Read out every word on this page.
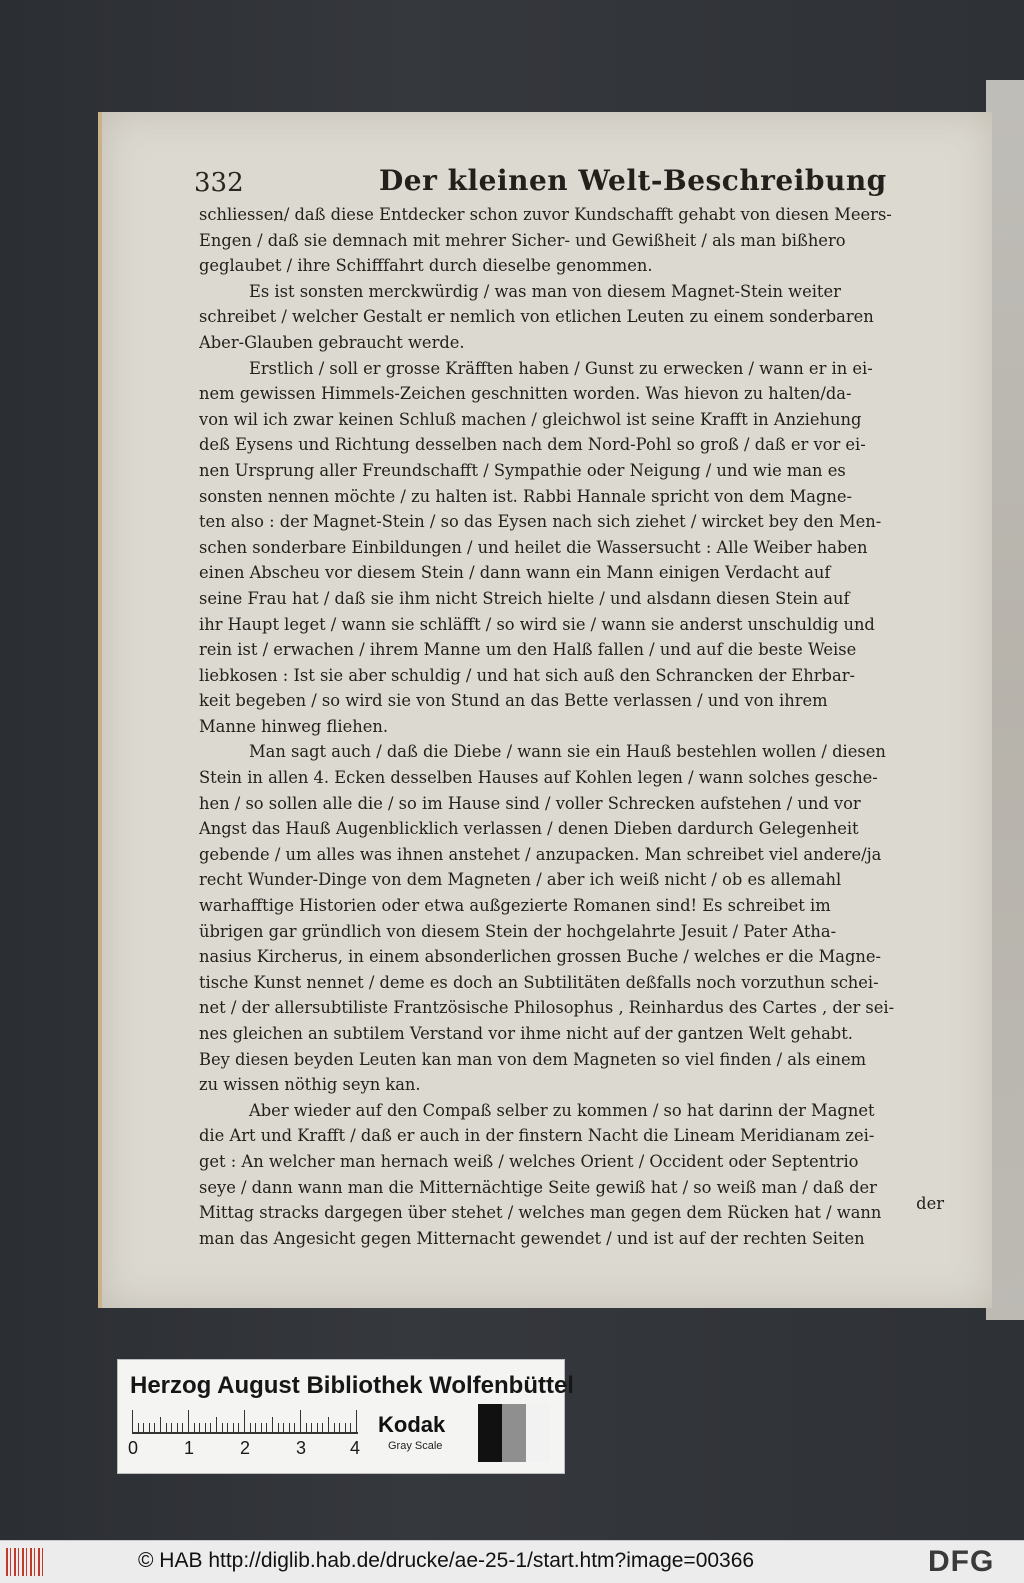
332	Der kleinen Welt-Beschreibung
schliessen/ daß diese Entdecker schon zuvor Kundschafft gehabt von diesen Meers-
Engen / daß sie demnach mit mehrer Sicher- und Gewißheit / als man bißhero
geglaubet / ihre Schifffahrt durch dieselbe genommen.
Es ist sonsten merckwürdig / was man von diesem Magnet-Stein weiter
schreibet / welcher Gestalt er nemlich von etlichen Leuten zu einem sonderbaren
Aber-Glauben gebraucht werde.
Erstlich / soll er grosse Kräfften haben / Gunst zu erwecken / wann er in ei-
nem gewissen Himmels-Zeichen geschnitten worden. Was hievon zu halten/da-
von wil ich zwar keinen Schluß machen / gleichwol ist seine Krafft in Anziehung
deß Eysens und Richtung desselben nach dem Nord-Pohl so groß / daß er vor ei-
nen Ursprung aller Freundschafft / Sympathie oder Neigung / und wie man es
sonsten nennen möchte / zu halten ist. Rabbi Hannale spricht von dem Magne-
ten also : der Magnet-Stein / so das Eysen nach sich ziehet / wircket bey den Men-
schen sonderbare Einbildungen / und heilet die Wassersucht : Alle Weiber haben
einen Abscheu vor diesem Stein / dann wann ein Mann einigen Verdacht auf
seine Frau hat / daß sie ihm nicht Streich hielte / und alsdann diesen Stein auf
ihr Haupt leget / wann sie schläfft / so wird sie / wann sie anderst unschuldig und
rein ist / erwachen / ihrem Manne um den Halß fallen / und auf die beste Weise
liebkosen : Ist sie aber schuldig / und hat sich auß den Schrancken der Ehrbar-
keit begeben / so wird sie von Stund an das Bette verlassen / und von ihrem
Manne hinweg fliehen.
Man sagt auch / daß die Diebe / wann sie ein Hauß bestehlen wollen / diesen
Stein in allen 4. Ecken desselben Hauses auf Kohlen legen / wann solches gesche-
hen / so sollen alle die / so im Hause sind / voller Schrecken aufstehen / und vor
Angst das Hauß Augenblicklich verlassen / denen Dieben dardurch Gelegenheit
gebende / um alles was ihnen anstehet / anzupacken. Man schreibet viel andere/ja
recht Wunder-Dinge von dem Magneten / aber ich weiß nicht / ob es allemahl
warhafftige Historien oder etwa außgezierte Romanen sind! Es schreibet im
übrigen gar gründlich von diesem Stein der hochgelahrte Jesuit / Pater Atha-
nasius Kircherus, in einem absonderlichen grossen Buche / welches er die Magne-
tische Kunst nennet / deme es doch an Subtilitäten deßfalls noch vorzuthun schei-
net / der allersubtiliste Frantzösische Philosophus , Reinhardus des Cartes , der sei-
nes gleichen an subtilem Verstand vor ihme nicht auf der gantzen Welt gehabt.
Bey diesen beyden Leuten kan man von dem Magneten so viel finden / als einem
zu wissen nöthig seyn kan.
Aber wieder auf den Compaß selber zu kommen / so hat darinn der Magnet
die Art und Krafft / daß er auch in der finstern Nacht die Lineam Meridianam zei-
get : An welcher man hernach weiß / welches Orient / Occident oder Septentrio
seye / dann wann man die Mitternächtige Seite gewiß hat / so weiß man / daß der
Mittag stracks dargegen über stehet / welches man gegen dem Rücken hat / wann
man das Angesicht gegen Mitternacht gewendet / und ist auf der rechten Seiten
der
Herzog August Bibliothek Wolfenbüttel
0	1	2	3 4
Kodak
Gray Scale
© HAB http://diglib.hab.de/drucke/ae-25-1/start.htm?image=00366	DFG
